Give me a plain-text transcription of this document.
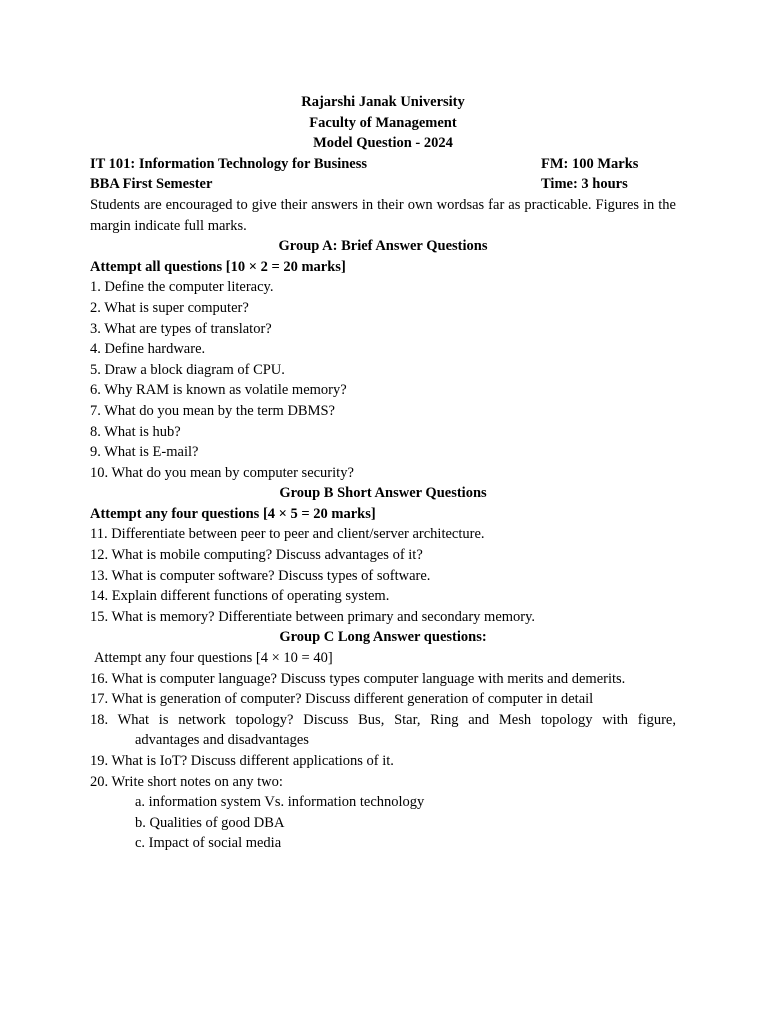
Rajarshi Janak University
Faculty of Management
Model Question - 2024
IT 101: Information Technology for Business	FM: 100 Marks
BBA First Semester	Time: 3 hours
Students are encouraged to give their answers in their own wordsas far as practicable. Figures in the margin indicate full marks.
Group A: Brief Answer Questions
Attempt all questions [10 × 2 = 20 marks]
1. Define the computer literacy.
2. What is super computer?
3. What are types of translator?
4. Define hardware.
5. Draw a block diagram of CPU.
6. Why RAM is known as volatile memory?
7. What do you mean by the term DBMS?
8. What is hub?
9. What is E-mail?
10. What do you mean by computer security?
Group B Short Answer Questions
Attempt any four questions [4 × 5 = 20 marks]
11. Differentiate between peer to peer and client/server architecture.
12. What is mobile computing? Discuss advantages of it?
13. What is computer software? Discuss types of software.
14. Explain different functions of operating system.
15. What is memory? Differentiate between primary and secondary memory.
Group C Long Answer questions:
Attempt any four questions [4 × 10 = 40]
16. What is computer language? Discuss types computer language with merits and demerits.
17. What is generation of computer? Discuss different generation of computer in detail
18. What is network topology? Discuss Bus, Star, Ring and Mesh topology with figure,
advantages and disadvantages
19. What is IoT? Discuss different applications of it.
20. Write short notes on any two:
a. information system Vs. information technology
b. Qualities of good DBA
c. Impact of social media
